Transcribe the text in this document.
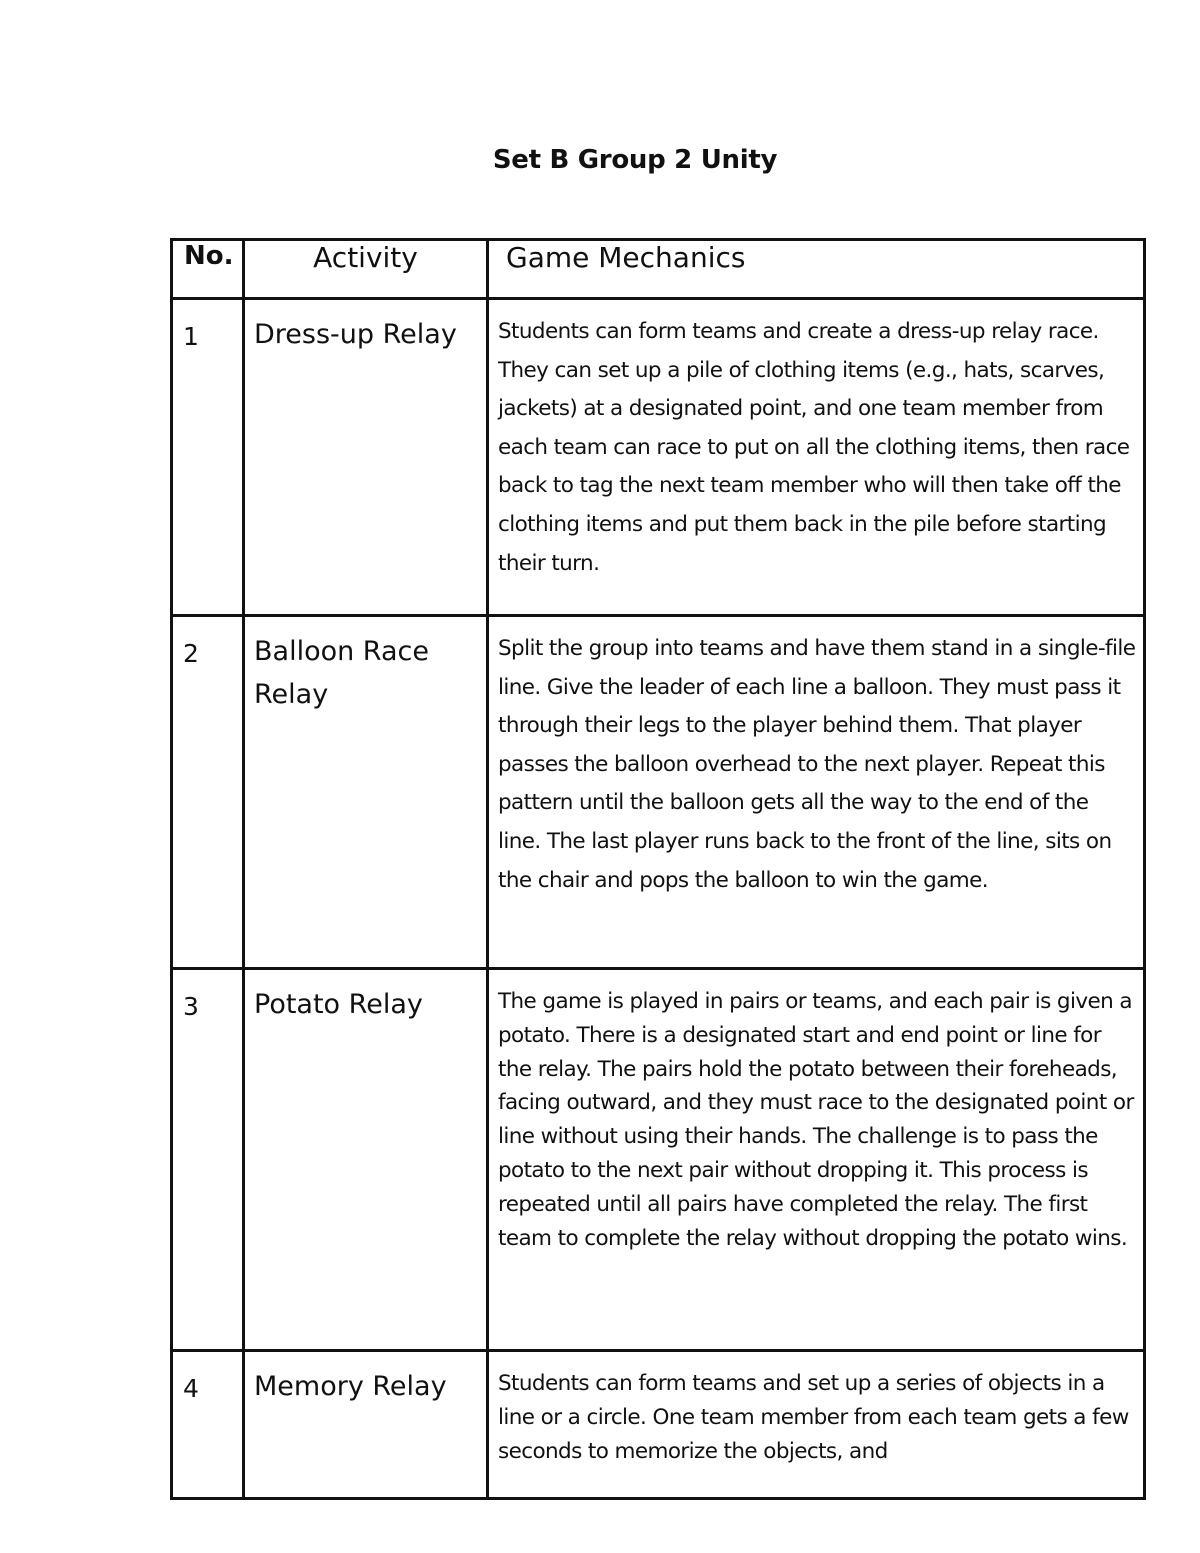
Set B Group 2 Unity
No.	Activity	Game Mechanics
1	Dress-up Relay	Students can form teams and create a dress-up relay race. They can set up a pile of clothing items (e.g., hats, scarves, jackets) at a designated point, and one team member from each team can race to put on all the clothing items, then race back to tag the next team member who will then take off the clothing items and put them back in the pile before starting their turn.
2	Balloon Race Relay	Split the group into teams and have them stand in a single-file line. Give the leader of each line a balloon. They must pass it through their legs to the player behind them. That player passes the balloon overhead to the next player. Repeat this pattern until the balloon gets all the way to the end of the line. The last player runs back to the front of the line, sits on the chair and pops the balloon to win the game.
3	Potato Relay	The game is played in pairs or teams, and each pair is given a potato. There is a designated start and end point or line for the relay. The pairs hold the potato between their foreheads, facing outward, and they must race to the designated point or line without using their hands. The challenge is to pass the potato to the next pair without dropping it. This process is repeated until all pairs have completed the relay. The first team to complete the relay without dropping the potato wins.
4	Memory Relay	Students can form teams and set up a series of objects in a line or a circle. One team member from each team gets a few seconds to memorize the objects, and
